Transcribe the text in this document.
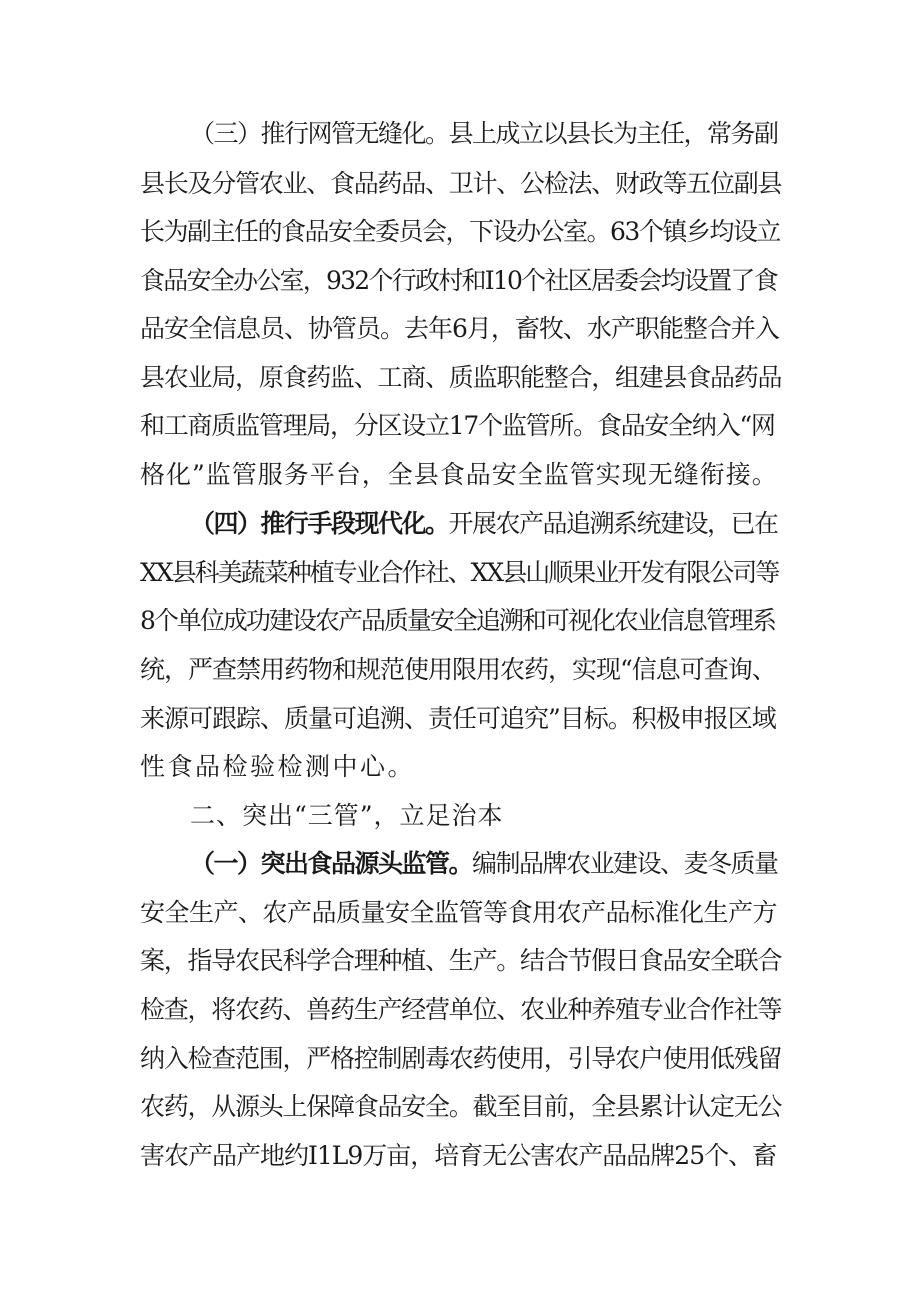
（三）推行网管无缝化。县上成立以县长为主任，常务副
县长及分管农业、食品药品、卫计、公检法、财政等五位副县
长为副主任的食品安全委员会，下设办公室。63个镇乡均设立
食品安全办公室，932个行政村和I10个社区居委会均设置了食
品安全信息员、协管员。去年6月，畜牧、水产职能整合并入
县农业局，原食药监、工商、质监职能整合，组建县食品药品
和工商质监管理局，分区设立17个监管所。食品安全纳入“网
格化”监管服务平台，全县食品安全监管实现无缝衔接。
（四）推行手段现代化。开展农产品追溯系统建设，已在
XX县科美蔬菜种植专业合作社、XX县山顺果业开发有限公司等
8个单位成功建设农产品质量安全追溯和可视化农业信息管理系
统，严查禁用药物和规范使用限用农药，实现“信息可查询、
来源可跟踪、质量可追溯、责任可追究”目标。积极申报区域
性食品检验检测中心。
二、突出“三管”，立足治本
（一）突出食品源头监管。编制品牌农业建设、麦冬质量
安全生产、农产品质量安全监管等食用农产品标准化生产方
案，指导农民科学合理种植、生产。结合节假日食品安全联合
检查，将农药、兽药生产经营单位、农业种养殖专业合作社等
纳入检查范围，严格控制剧毒农药使用，引导农户使用低残留
农药，从源头上保障食品安全。截至目前，全县累计认定无公
害农产品产地约I1L9万亩，培育无公害农产品品牌25个、畜
